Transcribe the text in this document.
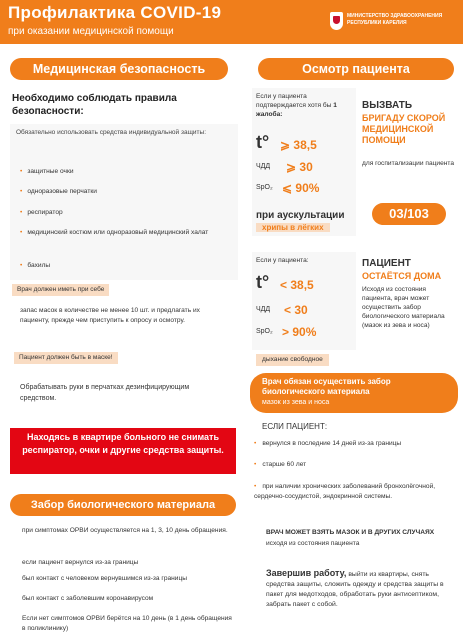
Профилактика COVID-19
при оказании медицинской помощи
МИНИСТЕРСТВО ЗДРАВООХРАНЕНИЯ РЕСПУБЛИКИ КАРЕЛИЯ
Медицинская безопасность
Необходимо соблюдать правила безопасности:
Обязательно использовать средства индивидуальной защиты:
• защитные очки
• одноразовые перчатки
• респиратор
• медицинский костюм или одноразовый медицинский халат
• бахилы
Врач должен иметь при себе
запас масок в количестве не менее 10 шт. и предлагать их пациенту, прежде чем приступить к опросу и осмотру.
Пациент должен быть в маске!
Обрабатывать руки в перчатках дезинфицирующим средством.
Находясь в квартире больного не снимать респиратор, очки и другие средства защиты.
Забор биологического материала
при симптомах ОРВИ осуществляется на 1, 3, 10 день обращения.
если пациент вернулся из-за границы
был контакт с человеком вернувшимся из-за границы
был контакт с заболевшим коронавирусом
Если нет симптомов ОРВИ берётся на 10 день (в 1 день обращения в поликлинику)
Осмотр пациента
Если у пациента подтверждается хотя бы 1 жалоба:
t° ⩾ 38,5
ЧДД ⩾ 30
SpO₂ ⩽ 90%
при аускультации
хрипы в лёгких
ВЫЗВАТЬ
БРИГАДУ СКОРОЙ МЕДИЦИНСКОЙ ПОМОЩИ
для госпитализации пациента
03/103
Если у пациента:
t° < 38,5
ЧДД < 30
SpO₂ > 90%
дыхание свободное
ПАЦИЕНТ
ОСТАЁТСЯ ДОМА
Исходя из состояния пациента, врач может осуществить забор биологического материала (мазок из зева и носа)
Врач обязан осуществить забор биологического материала
мазок из зева и носа
ЕСЛИ ПАЦИЕНТ:
• вернулся в последние 14 дней из-за границы
• старше 60 лет
• при наличии хронических заболеваний бронхолёгочной, сердечно-сосудистой, эндокринной системы.
ВРАЧ МОЖЕТ ВЗЯТЬ МАЗОК И В ДРУГИХ СЛУЧАЯХ
исходя из состояния пациента
Завершив работу, выйти из квартиры, снять средства защиты, сложить одежду и средства защиты в пакет для медотходов, обработать руки антисептиком, забрать пакет с собой.
